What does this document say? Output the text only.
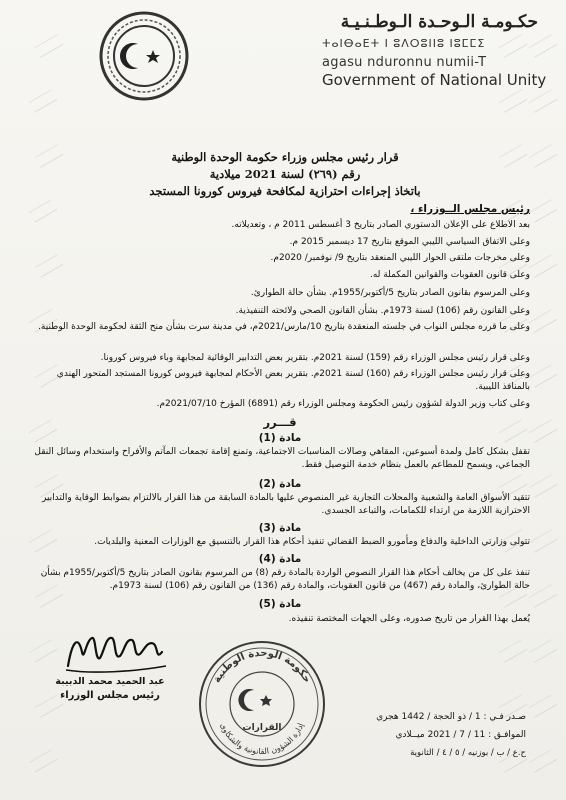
حكـومـة الـوحـدة الـوطـنـيـة
ⵜⴰⵏⴱⴰⴹⵜ ⵏ ⵓⴷⵔⵓⵏⵏⵓ ⵏⵓⵎⵎⵉ
agasu nduronnu numii-T
Government of National Unity
قرار رئيس مجلس وزراء حكومة الوحدة الوطنية
رقم (٢٦٩) لسنة 2021 ميلادية
باتخاذ إجراءات احترازية لمكافحة فيروس كورونا المستجد
رئيس مجلس الــوزراء ،
بعد الاطلاع على الإعلان الدستوري الصادر بتاريخ 3 أغسطس 2011 م ، وتعديلاته.
وعلى الاتفاق السياسي الليبي الموقع بتاريخ 17 ديسمبر 2015 م.
وعلى مخرجات ملتقى الحوار الليبي المنعقد بتاريخ 9/ نوفمبر/ 2020م.
وعلى قانون العقوبات والقوانين المكملة له.
وعلى المرسوم بقانون الصادر بتاريخ 5/أكتوبر/1955م. بشأن حالة الطوارئ.
وعلى القانون رقم (106) لسنة 1973م. بشأن القانون الصحي ولائحته التنفيذية.
وعلى ما قرره مجلس النواب في جلسته المنعقدة بتاريخ 10/مارس/2021م، في مدينة سرت بشأن منح الثقة لحكومة الوحدة الوطنية.
وعلى قرار رئيس مجلس الوزراء رقم (159) لسنة 2021م. بتقرير بعض التدابير الوقائية لمجابهة وباء فيروس كورونا.
وعلى قرار رئيس مجلس الوزراء رقم (160) لسنة 2021م. بتقرير بعض الأحكام لمجابهة فيروس كورونا المستجد المتحور الهندي بالمنافذ الليبية.
وعلى كتاب وزير الدولة لشؤون رئيس الحكومة ومجلس الوزراء رقم (6891) المؤرخ 2021/07/10م.
قـــرر
مادة (1)
تقفل بشكل كامل ولمدة أسبوعين، المقاهي وصالات المناسبات الاجتماعية، وتمنع إقامة تجمعات المآتم والأفراح واستخدام وسائل النقل الجماعي، ويسمح للمطاعم بالعمل بنظام خدمة التوصيل فقط.
مادة (2)
تتقيد الأسواق العامة والشعبية والمحلات التجارية غير المنصوص عليها بالمادة السابقة من هذا القرار بالالتزام بضوابط الوقاية والتدابير الاحترازية اللازمة من ارتداء للكمامات، والتباعد الجسدي.
مادة (3)
تتولى وزارتي الداخلية والدفاع ومأمورو الضبط القضائي تنفيذ أحكام هذا القرار بالتنسيق مع الوزارات المعنية والبلديات.
مادة (4)
تنفذ على كل من يخالف أحكام هذا القرار النصوص الواردة بالمادة رقم (8) من المرسوم بقانون الصادر بتاريخ 5/أكتوبر/1955م بشأن حالة الطوارئ، والمادة رقم (467) من قانون العقوبات، والمادة رقم (136) من القانون رقم (106) لسنة 1973م.
مادة (5)
يُعمل بهذا القرار من تاريخ صدوره، وعلى الجهات المختصة تنفيذه.
عبد الحميد محمد الدبيبة
رئيس مجلس الوزراء
حكومة الوحدة الوطنية
إدارة الشؤون القانونية والشكاوى
القرارات
صـدر فـي : 1 / ذو الحجة / 1442 هجري
الموافـق : 11 / 7 / 2021 ميــلادي
ح.ع / ب / بوزنيه / ٥ / ٤ / الثانوية
